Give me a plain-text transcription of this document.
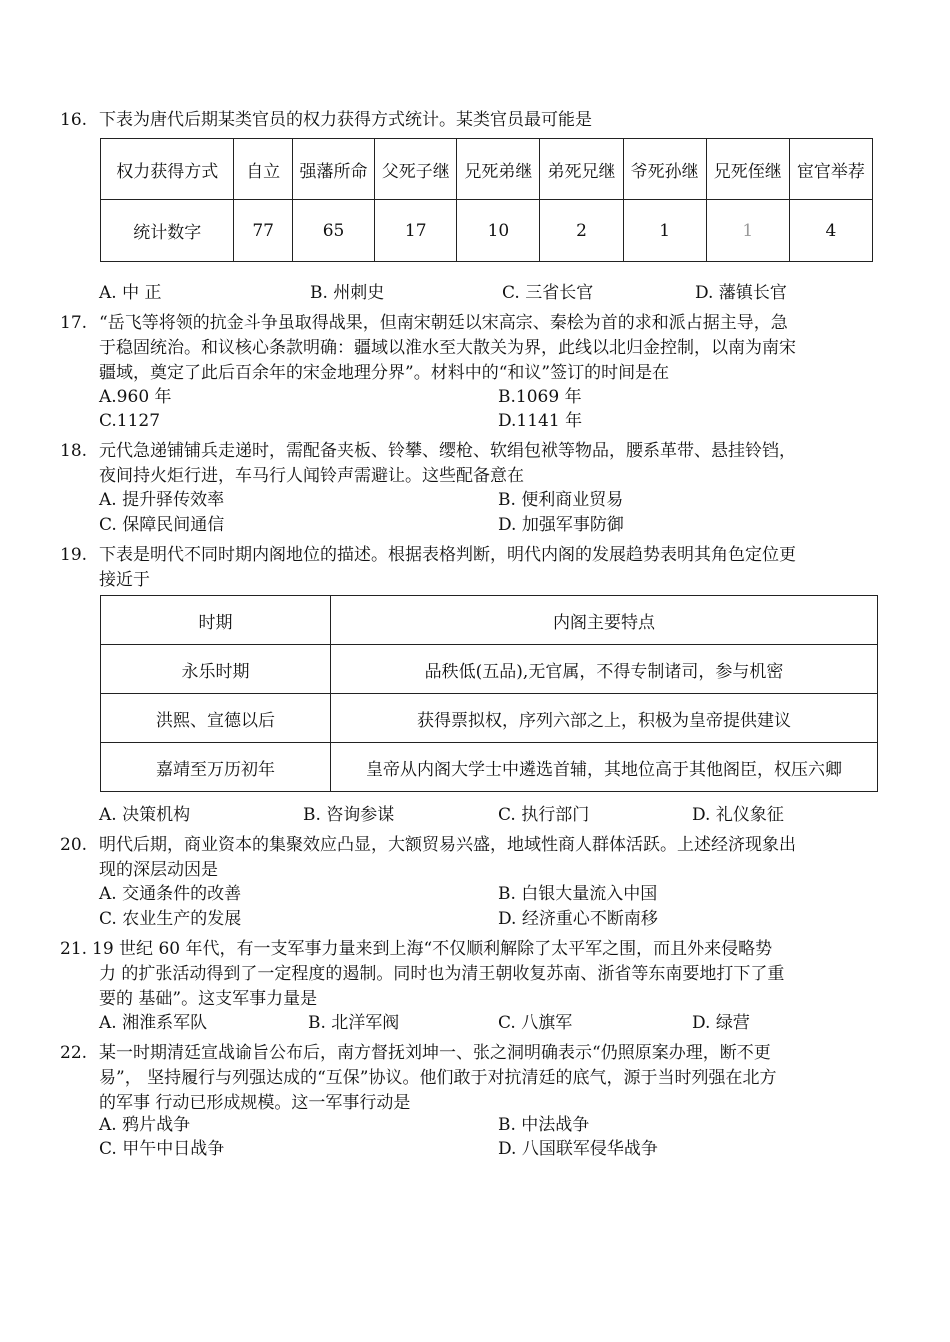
16. 下表为唐代后期某类官员的权力获得方式统计。某类官员最可能是
权力获得方式	自立	强藩所命	父死子继	兄死弟继	弟死兄继	爷死孙继	兄死侄继	宦官举荐
统计数字	77	65	17	10	2	1	1	4
A. 中 正	B. 州刺史	C. 三省长官	D. 藩镇长官
17. “岳飞等将领的抗金斗争虽取得战果，但南宋朝廷以宋高宗、秦桧为首的求和派占据主导，急
于稳固统治。和议核心条款明确：疆域以淮水至大散关为界，此线以北归金控制，以南为南宋
疆域，奠定了此后百余年的宋金地理分界”。材料中的“和议”签订的时间是在
A.960 年	B.1069 年
C.1127	D.1141 年
18. 元代急递铺铺兵走递时，需配备夹板、铃攀、缨枪、软绢包袱等物品，腰系革带、悬挂铃铛，
夜间持火炬行进，车马行人闻铃声需避让。这些配备意在
A. 提升驿传效率	B. 便利商业贸易
C. 保障民间通信	D. 加强军事防御
19. 下表是明代不同时期内阁地位的描述。根据表格判断，明代内阁的发展趋势表明其角色定位更
接近于
时期	内阁主要特点
永乐时期	品秩低(五品),无官属，不得专制诸司，参与机密
洪熙、宣德以后	获得票拟权，序列六部之上，积极为皇帝提供建议
嘉靖至万历初年	皇帝从内阁大学士中遴选首辅，其地位高于其他阁臣，权压六卿
A. 决策机构	B. 咨询参谋	C. 执行部门	D. 礼仪象征
20. 明代后期，商业资本的集聚效应凸显，大额贸易兴盛，地域性商人群体活跃。上述经济现象出
现的深层动因是
A. 交通条件的改善	B. 白银大量流入中国
C. 农业生产的发展	D. 经济重心不断南移
21. 19 世纪 60 年代，有一支军事力量来到上海“不仅顺利解除了太平军之围，而且外来侵略势
力 的扩张活动得到了一定程度的遏制。同时也为清王朝收复苏南、浙省等东南要地打下了重
要的 基础”。这支军事力量是
A. 湘淮系军队	B. 北洋军阀	C. 八旗军	D. 绿营
22. 某一时期清廷宣战谕旨公布后，南方督抚刘坤一、张之洞明确表示“仍照原案办理，断不更
易”， 坚持履行与列强达成的“互保”协议。他们敢于对抗清廷的底气，源于当时列强在北方
的军事 行动已形成规模。这一军事行动是
A. 鸦片战争	B. 中法战争
C. 甲午中日战争	D. 八国联军侵华战争
